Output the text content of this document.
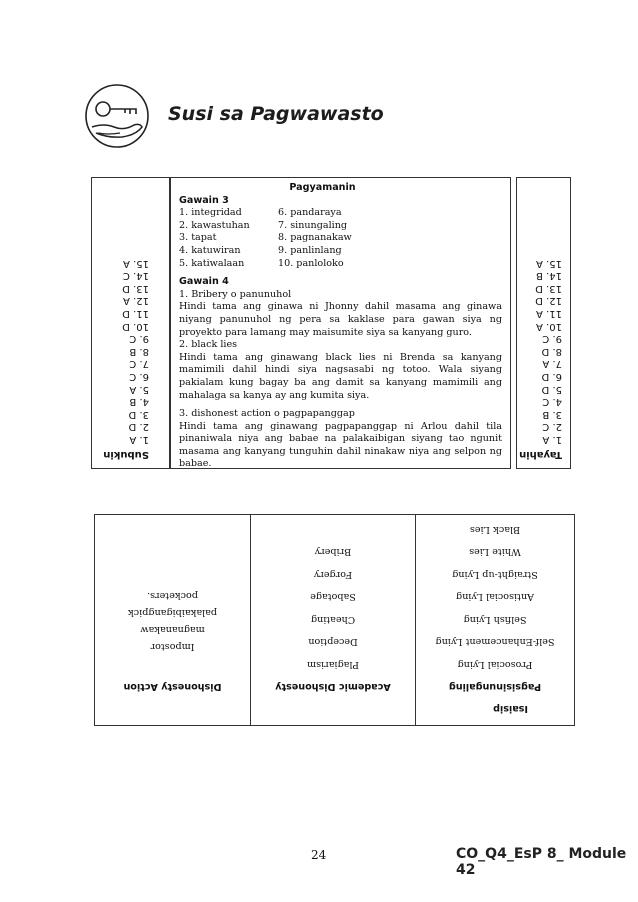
Susi sa Pagwawasto
Subukin
1. A
2. D
3. D
4. B
5. A
6. C
7. C
8. B
9. C
10. D
11. D
12. A
13. D
14. C
15. A
Pagyamanin
Gawain 3
1. integridad
2. kawastuhan
3. tapat
4. katuwiran
5. katiwalaan
6. pandaraya
7. sinungaling
8. pagnanakaw
9. panlinlang
10. panloloko
Gawain 4
1. Bribery o panunuhol
Hindi tama ang ginawa ni Jhonny dahil masama ang ginawa niyang panunuhol ng pera sa kaklase para gawan siya ng proyekto para lamang may maisumite siya sa kanyang guro.
2. black lies
Hindi tama ang ginawang black lies ni Brenda sa kanyang mamimili dahil hindi siya nagsasabi ng totoo. Wala siyang pakialam kung bagay ba ang damit sa kanyang mamimili ang mahalaga sa kanya ay ang kumita siya.
3. dishonest action o pagpapanggap
Hindi tama ang ginawang pagpapanggap ni Arlou dahil tila pinaniwala niya ang babae na palakaibigan siyang tao ngunit masama ang kanyang tunguhin dahil ninakaw niya ang selpon ng babae.
Tayahin
1. A
2. C
3. B
4. C
5. D
6. D
7. A
8. D
9. C
10. A
11. A
12. D
13. D
14. B
15. A
Isaisip
Pagsisinungaling
Prosocial Lying
Self-Enhancement Lying
Selfish Lying
Antisocial Lying
Straight-up Lying
White Lies
Black Lies
Academic Dishonesty
Plagiarism
Deception
Cheating
Sabotage
Forgery
Bribery
Dishonesty Action
Impostor
magnanakaw
palakaibigangpick
pocketers.
24	CO_Q4_EsP 8_ Module 42
